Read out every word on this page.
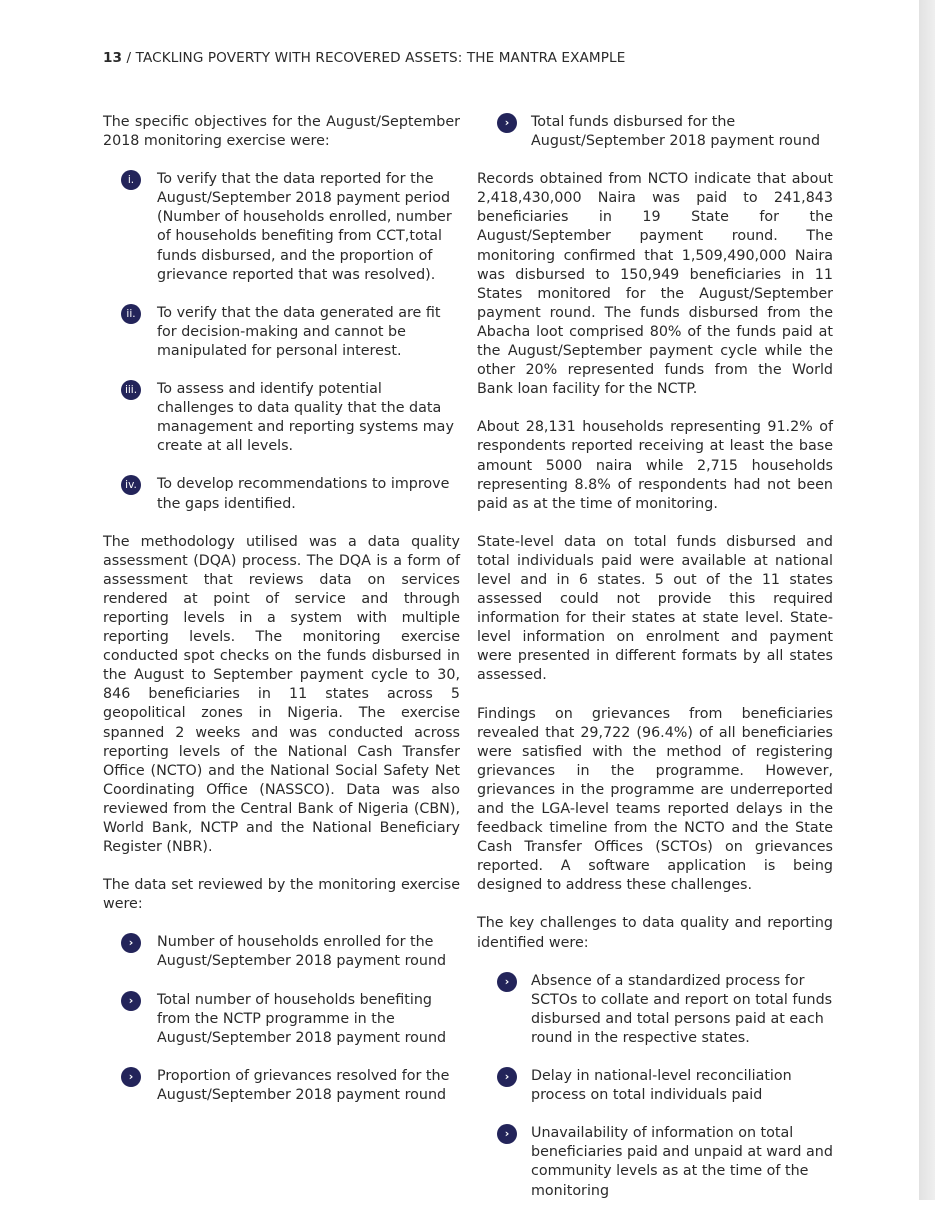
13 / TACKLING POVERTY WITH RECOVERED ASSETS: THE MANTRA EXAMPLE

The specific objectives for the August/September 2018 monitoring exercise were:

i.	To verify that the data reported for the August/September 2018 payment period (Number of households enrolled, number of households benefiting from CCT,total funds disbursed, and the proportion of grievance reported that was resolved).
ii.	To verify that the data generated are fit for decision-making and cannot be manipulated for personal interest.
iii. To assess and identify potential challenges to data quality that the data management and reporting systems may create at all levels.
iv. To develop recommendations to improve the gaps identified.

The methodology utilised was a data quality assessment (DQA) process. The DQA is a form of assessment that reviews data on services rendered at point of service and through reporting levels in a system with multiple reporting levels. The monitoring exercise conducted spot checks on the funds disbursed in the August to September payment cycle to 30, 846 beneficiaries in 11 states across 5 geopolitical zones in Nigeria. The exercise spanned 2 weeks and was conducted across reporting levels of the National Cash Transfer Office (NCTO) and the National Social Safety Net Coordinating Office (NASSCO). Data was also reviewed from the Central Bank of Nigeria (CBN), World Bank, NCTP and the National Beneficiary Register (NBR).

The data set reviewed by the monitoring exercise were:

›	Number of households enrolled for the August/September 2018 payment round
›	Total number of households benefiting from the NCTP programme in the August/September 2018 payment round
›	Proportion of grievances resolved for the August/September 2018 payment round
›	Total funds disbursed for the August/September 2018 payment round

Records obtained from NCTO indicate that about 2,418,430,000 Naira was paid to 241,843 beneficiaries in 19 State for the August/September payment round. The monitoring confirmed that 1,509,490,000 Naira was disbursed to 150,949 beneficiaries in 11 States monitored for the August/September payment round. The funds disbursed from the Abacha loot comprised 80% of the funds paid at the August/September payment cycle while the other 20% represented funds from the World Bank loan facility for the NCTP.

About 28,131 households representing 91.2% of respondents reported receiving at least the base amount 5000 naira while 2,715 households representing 8.8% of respondents had not been paid as at the time of monitoring.

State-level data on total funds disbursed and total individuals paid were available at national level and in 6 states. 5 out of the 11 states assessed could not provide this required information for their states at state level. State-level information on enrolment and payment were presented in different formats by all states assessed.

Findings on grievances from beneficiaries revealed that 29,722 (96.4%) of all beneficiaries were satisfied with the method of registering grievances in the programme. However, grievances in the programme are underreported and the LGA-level teams reported delays in the feedback timeline from the NCTO and the State Cash Transfer Offices (SCTOs) on grievances reported. A software application is being designed to address these challenges.

The key challenges to data quality and reporting identified were:

›	Absence of a standardized process for SCTOs to collate and report on total funds disbursed and total persons paid at each round in the respective states.
›	Delay in national-level reconciliation process on total individuals paid
›	Unavailability of information on total beneficiaries paid and unpaid at ward and community levels as at the time of the monitoring
